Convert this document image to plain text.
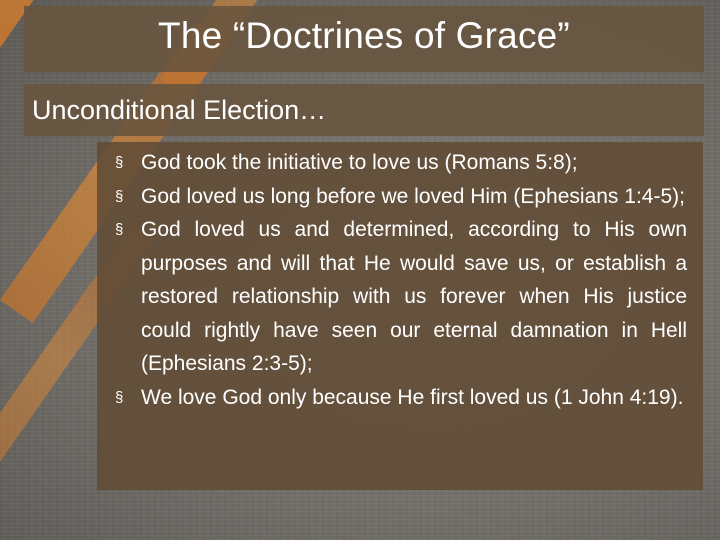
The “Doctrines of Grace”
Unconditional Election…
§ God took the initiative to love us (Romans 5:8);
§ God loved us long before we loved Him (Ephesians 1:4-5);
§ God loved us and determined, according to His own purposes and will that He would save us, or establish a restored relationship with us forever when His justice could rightly have seen our eternal damnation in Hell (Ephesians 2:3-5);
§ We love God only because He first loved us (1 John 4:19).
